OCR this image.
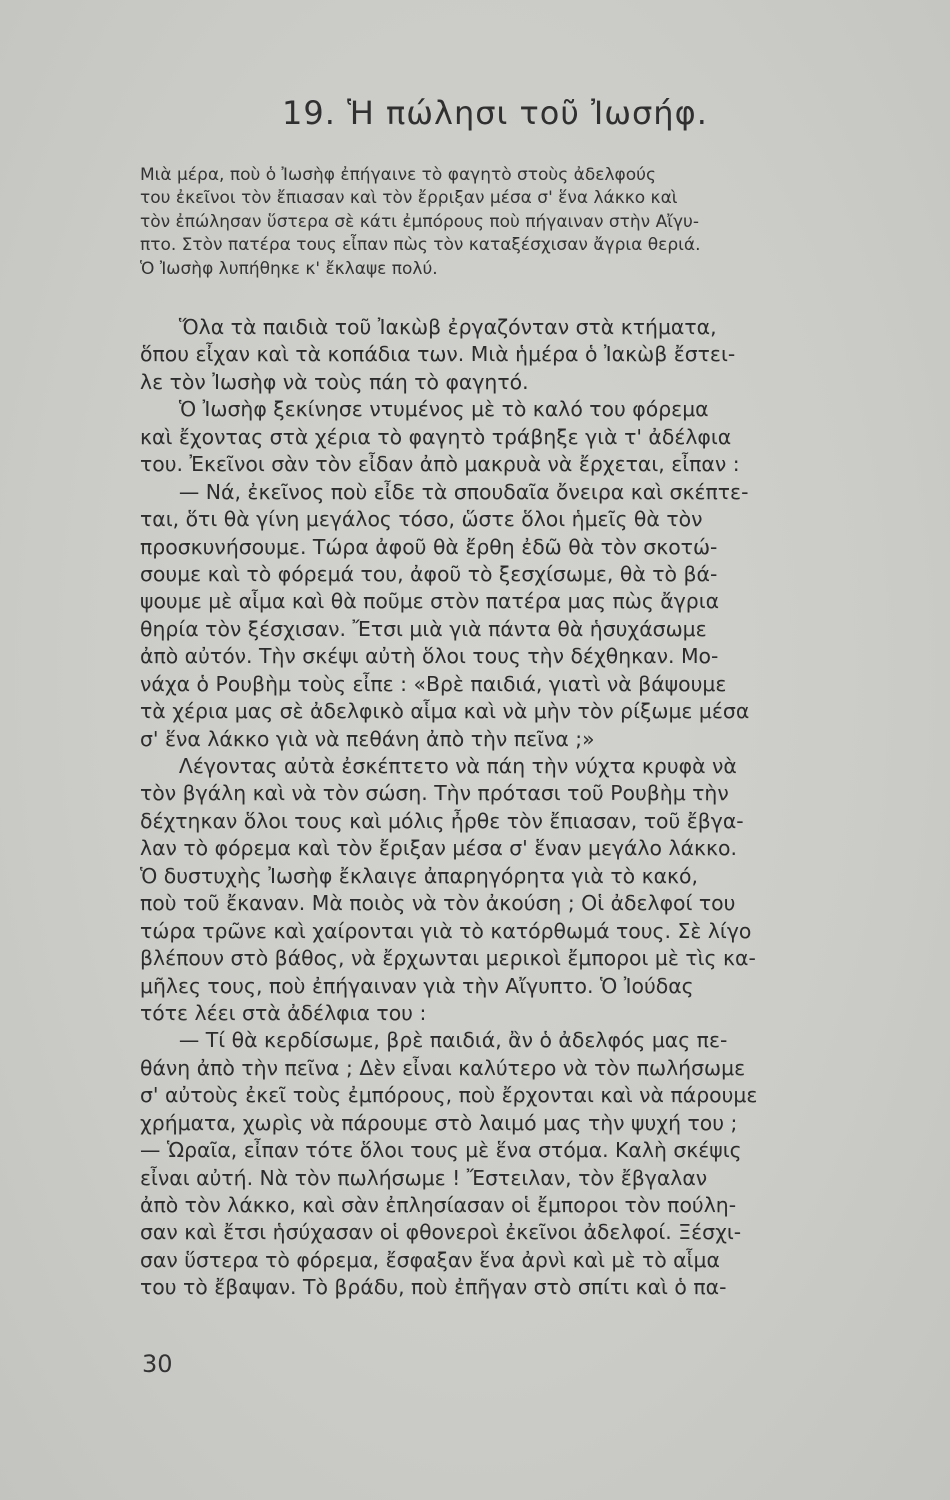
19. Ἡ πώλησι τοῦ Ἰωσήφ.
Μιὰ μέρα, ποὺ ὁ Ἰωσὴφ ἐπήγαινε τὸ φαγητὸ στοὺς ἀδελφούς
του ἐκεῖνοι τὸν ἔπιασαν καὶ τὸν ἔρριξαν μέσα σ' ἕνα λάκκο καὶ
τὸν ἐπώλησαν ὕστερα σὲ κάτι ἐμπόρους ποὺ πήγαιναν στὴν Αἴγυ-
πτο. Στὸν πατέρα τους εἶπαν πὼς τὸν καταξέσχισαν ἄγρια θεριά.
Ὁ Ἰωσὴφ λυπήθηκε κ' ἔκλαψε πολύ.
Ὅλα τὰ παιδιὰ τοῦ Ἰακὼβ ἐργαζόνταν στὰ κτήματα,
ὅπου εἶχαν καὶ τὰ κοπάδια των. Μιὰ ἡμέρα ὁ Ἰακὼβ ἔστει-
λε τὸν Ἰωσὴφ νὰ τοὺς πάη τὸ φαγητό.
Ὁ Ἰωσὴφ ξεκίνησε ντυμένος μὲ τὸ καλό του φόρεμα
καὶ ἔχοντας στὰ χέρια τὸ φαγητὸ τράβηξε γιὰ τ' ἀδέλφια
του. Ἐκεῖνοι σὰν τὸν εἶδαν ἀπὸ μακρυὰ νὰ ἔρχεται, εἶπαν :
— Νά, ἐκεῖνος ποὺ εἶδε τὰ σπουδαῖα ὄνειρα καὶ σκέπτε-
ται, ὅτι θὰ γίνη μεγάλος τόσο, ὥστε ὅλοι ἡμεῖς θὰ τὸν
προσκυνήσουμε. Τώρα ἀφοῦ θὰ ἔρθη ἐδῶ θὰ τὸν σκοτώ-
σουμε καὶ τὸ φόρεμά του, ἀφοῦ τὸ ξεσχίσωμε, θὰ τὸ βά-
ψουμε μὲ αἷμα καὶ θὰ ποῦμε στὸν πατέρα μας πὼς ἄγρια
θηρία τὸν ξέσχισαν. Ἔτσι μιὰ γιὰ πάντα θὰ ἡσυχάσωμε
ἀπὸ αὐτόν. Τὴν σκέψι αὐτὴ ὅλοι τους τὴν δέχθηκαν. Μο-
νάχα ὁ Ρουβὴμ τοὺς εἶπε : «Βρὲ παιδιά, γιατὶ νὰ βάψουμε
τὰ χέρια μας σὲ ἀδελφικὸ αἷμα καὶ νὰ μὴν τὸν ρίξωμε μέσα
σ' ἕνα λάκκο γιὰ νὰ πεθάνη ἀπὸ τὴν πεῖνα ;»
Λέγοντας αὐτὰ ἐσκέπτετο νὰ πάη τὴν νύχτα κρυφὰ νὰ
τὸν βγάλη καὶ νὰ τὸν σώση. Τὴν πρότασι τοῦ Ρουβὴμ τὴν
δέχτηκαν ὅλοι τους καὶ μόλις ἦρθε τὸν ἔπιασαν, τοῦ ἔβγα-
λαν τὸ φόρεμα καὶ τὸν ἔριξαν μέσα σ' ἕναν μεγάλο λάκκο.
Ὁ δυστυχὴς Ἰωσὴφ ἔκλαιγε ἀπαρηγόρητα γιὰ τὸ κακό,
ποὺ τοῦ ἔκαναν. Μὰ ποιὸς νὰ τὸν ἀκούση ; Οἱ ἀδελφοί του
τώρα τρῶνε καὶ χαίρονται γιὰ τὸ κατόρθωμά τους. Σὲ λίγο
βλέπουν στὸ βάθος, νὰ ἔρχωνται μερικοὶ ἔμποροι μὲ τὶς κα-
μῆλες τους, ποὺ ἐπήγαιναν γιὰ τὴν Αἴγυπτο. Ὁ Ἰούδας
τότε λέει στὰ ἀδέλφια του :
— Τί θὰ κερδίσωμε, βρὲ παιδιά, ἂν ὁ ἀδελφός μας πε-
θάνη ἀπὸ τὴν πεῖνα ; Δὲν εἶναι καλύτερο νὰ τὸν πωλήσωμε
σ' αὐτοὺς ἐκεῖ τοὺς ἐμπόρους, ποὺ ἔρχονται καὶ νὰ πάρουμε
χρήματα, χωρὶς νὰ πάρουμε στὸ λαιμό μας τὴν ψυχή του ;
— Ὡραῖα, εἶπαν τότε ὅλοι τους μὲ ἕνα στόμα. Καλὴ σκέψις
εἶναι αὐτή. Νὰ τὸν πωλήσωμε ! Ἔστειλαν, τὸν ἔβγαλαν
ἀπὸ τὸν λάκκο, καὶ σὰν ἐπλησίασαν οἱ ἔμποροι τὸν πούλη-
σαν καὶ ἔτσι ἡσύχασαν οἱ φθονεροὶ ἐκεῖνοι ἀδελφοί. Ξέσχι-
σαν ὕστερα τὸ φόρεμα, ἔσφαξαν ἕνα ἀρνὶ καὶ μὲ τὸ αἷμα
του τὸ ἔβαψαν. Τὸ βράδυ, ποὺ ἐπῆγαν στὸ σπίτι καὶ ὁ πα-
30
